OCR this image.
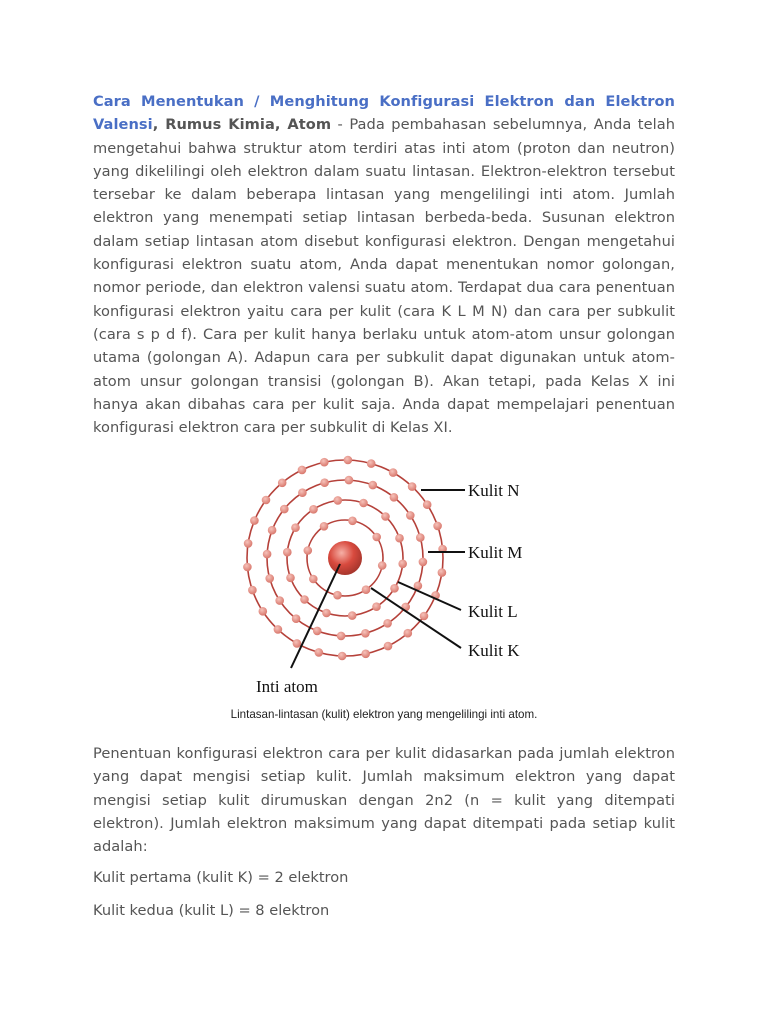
Cara Menentukan / Menghitung Konfigurasi Elektron dan Elektron Valensi, Rumus Kimia, Atom - Pada pembahasan sebelumnya, Anda telah mengetahui bahwa struktur atom terdiri atas inti atom (proton dan neutron) yang dikelilingi oleh elektron dalam suatu lintasan. Elektron-elektron tersebut tersebar ke dalam beberapa lintasan yang mengelilingi inti atom. Jumlah elektron yang menempati setiap lintasan berbeda-beda. Susunan elektron dalam setiap lintasan atom disebut konfigurasi elektron. Dengan mengetahui konfigurasi elektron suatu atom, Anda dapat menentukan nomor golongan, nomor periode, dan elektron valensi suatu atom. Terdapat dua cara penentuan konfigurasi elektron yaitu cara per kulit (cara K L M N) dan cara per subkulit (cara s p d f). Cara per kulit hanya berlaku untuk atom-atom unsur golongan utama (golongan A). Adapun cara per subkulit dapat digunakan untuk atom-atom unsur golongan transisi (golongan B). Akan tetapi, pada Kelas X ini hanya akan dibahas cara per kulit saja. Anda dapat mempelajari penentuan konfigurasi elektron cara per subkulit di Kelas XI.

Kulit N
Kulit M
Kulit L
Kulit K
Inti atom
Lintasan-lintasan (kulit) elektron yang mengelilingi inti atom.

Penentuan konfigurasi elektron cara per kulit didasarkan pada jumlah elektron yang dapat mengisi setiap kulit. Jumlah maksimum elektron yang dapat mengisi setiap kulit dirumuskan dengan 2n2 (n = kulit yang ditempati elektron). Jumlah elektron maksimum yang dapat ditempati pada setiap kulit adalah:

Kulit pertama (kulit K) = 2 elektron
Kulit kedua (kulit L) = 8 elektron
